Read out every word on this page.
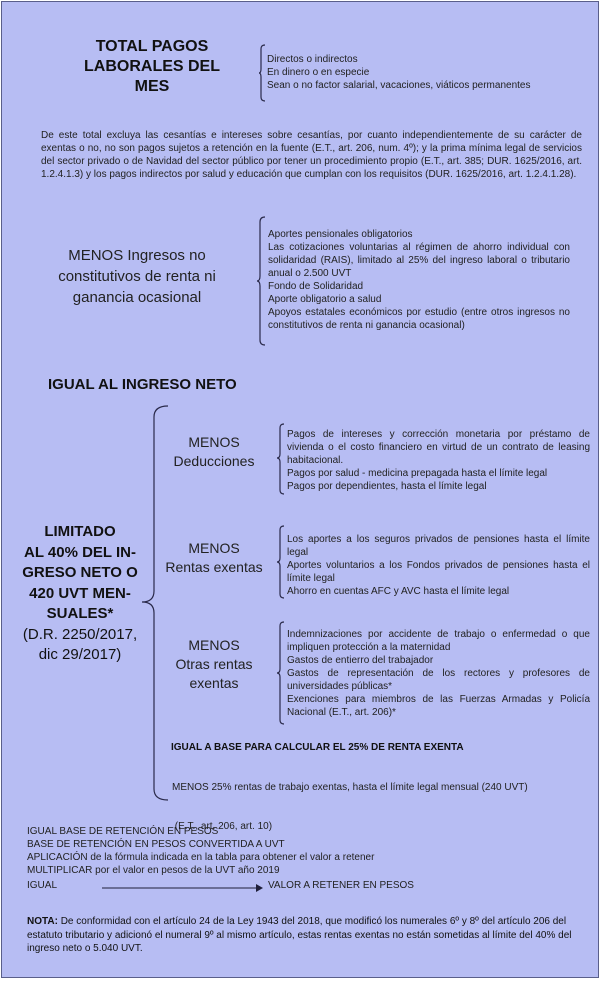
TOTAL PAGOS
LABORALES DEL
MES
Directos o indirectos
En dinero o en especie
Sean o no factor salarial, vacaciones, viáticos permanentes
De este total excluya las cesantías e intereses sobre cesantías, por cuanto independientemente de su carácter de exentas o no, no son pagos sujetos a retención en la fuente (E.T., art. 206, num. 4º); y la prima mínima legal de servicios del sector privado o de Navidad del sector público por tener un procedimiento propio (E.T., art. 385; DUR. 1625/2016, art. 1.2.4.1.3) y los pagos indirectos por salud y educación que cumplan con los requisitos (DUR. 1625/2016, art. 1.2.4.1.28).
MENOS Ingresos no
constitutivos de renta ni
ganancia ocasional
Aportes pensionales obligatorios
Las cotizaciones voluntarias al régimen de ahorro individual con solidaridad (RAIS), limitado al 25% del ingreso laboral o tributario anual o 2.500 UVT
Fondo de Solidaridad
Aporte obligatorio a salud
Apoyos estatales económicos por estudio (entre otros ingresos no constitutivos de renta ni ganancia ocasional)
IGUAL AL INGRESO NETO
LIMITADO
AL 40% DEL IN-
GRESO NETO O
420 UVT MEN-
SUALES*
(D.R. 2250/2017,
dic 29/2017)
MENOS
Deducciones
Pagos de intereses y corrección monetaria por préstamo de vivienda o el costo financiero en virtud de un contrato de leasing habitacional.
Pagos por salud - medicina prepagada hasta el límite legal
Pagos por dependientes, hasta el límite legal
MENOS
Rentas exentas
Los aportes a los seguros privados de pensiones hasta el límite legal
Aportes voluntarios a los Fondos privados de pensiones hasta el límite legal
Ahorro en cuentas AFC y AVC hasta el límite legal
MENOS
Otras rentas
exentas
Indemnizaciones por accidente de trabajo o enfermedad o que impliquen protección a la maternidad
Gastos de entierro del trabajador
Gastos de representación de los rectores y profesores de universidades públicas*
Exenciones para miembros de las Fuerzas Armadas y Policía Nacional (E.T., art. 206)*
IGUAL A BASE PARA CALCULAR EL 25% DE RENTA EXENTA

MENOS 25% rentas de trabajo exentas, hasta el límite legal mensual (240 UVT)

(E.T., art. 206, art. 10)

IGUAL BASE DE RETENCIÓN EN PESOS
BASE DE RETENCIÓN EN PESOS CONVERTIDA A UVT
APLICACIÓN de la fórmula indicada en la tabla para obtener el valor a retener
MULTIPLICAR por el valor en pesos de la UVT año 2019
IGUAL	VALOR A RETENER EN PESOS
NOTA: De conformidad con el artículo 24 de la Ley 1943 del 2018, que modificó los numerales 6º y 8º del artículo 206 del estatuto tributario y adicionó el numeral 9º al mismo artículo, estas rentas exentas no están sometidas al límite del 40% del ingreso neto o 5.040 UVT.
